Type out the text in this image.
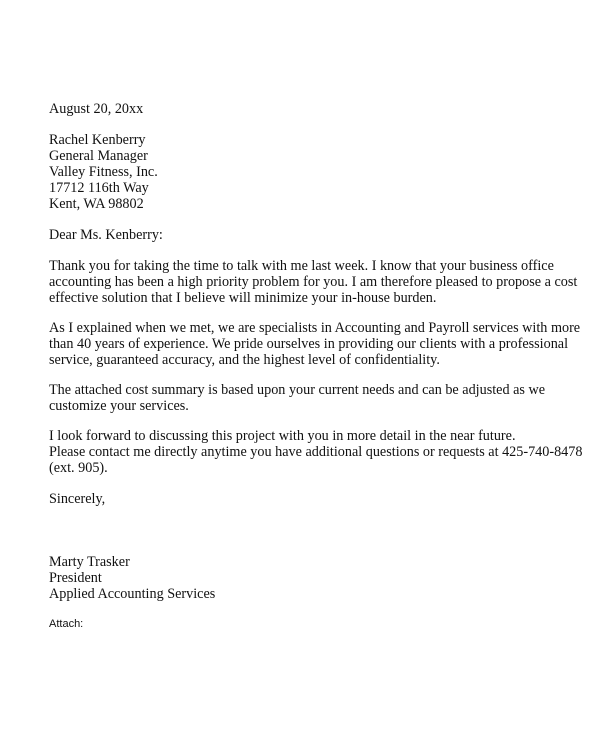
August 20, 20xx
Rachel Kenberry
General Manager
Valley Fitness, Inc.
17712 116th Way
Kent, WA 98802
Dear Ms. Kenberry:
Thank you for taking the time to talk with me last week. I know that your business office
accounting has been a high priority problem for you. I am therefore pleased to propose a cost
effective solution that I believe will minimize your in-house burden.
As I explained when we met, we are specialists in Accounting and Payroll services with more
than 40 years of experience. We pride ourselves in providing our clients with a professional
service, guaranteed accuracy, and the highest level of confidentiality.
The attached cost summary is based upon your current needs and can be adjusted as we
customize your services.
I look forward to discussing this project with you in more detail in the near future.
Please contact me directly anytime you have additional questions or requests at 425-740-8478
(ext. 905).
Sincerely,
Marty Trasker
President
Applied Accounting Services
Attach:
